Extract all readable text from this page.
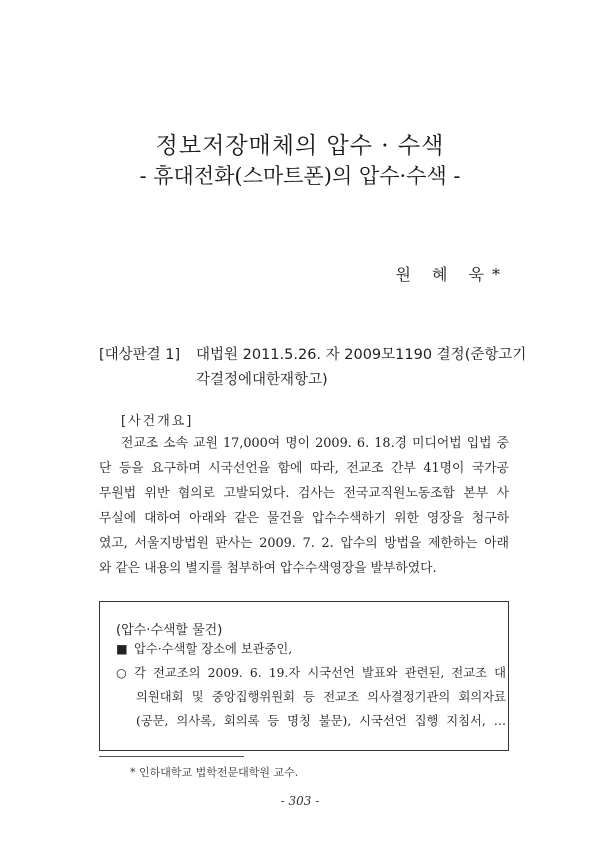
정보저장매체의 압수 · 수색
- 휴대전화(스마트폰)의 압수·수색 -
원 혜 욱*
[대상판결 1] 대법원 2011.5.26. 자 2009모1190 결정(준항고기각결정에대한재항고)
[사건개요]
전교조 소속 교원 17,000여 명이 2009. 6. 18.경 미디어법 입법 중
단 등을 요구하며 시국선언을 함에 따라, 전교조 간부 41명이 국가공
무원법 위반 혐의로 고발되었다. 검사는 전국교직원노동조합 본부 사
무실에 대하여 아래와 같은 물건을 압수수색하기 위한 영장을 청구하
였고, 서울지방법원 판사는 2009. 7. 2. 압수의 방법을 제한하는 아래
와 같은 내용의 별지를 첨부하여 압수수색영장을 발부하였다.
(압수·수색할 물건)
■ 압수·수색할 장소에 보관중인,
○ 각 전교조의 2009. 6. 19.자 시국선언 발표와 관련된, 전교조 대
의원대회 및 중앙집행위원회 등 전교조 의사결정기관의 회의자료
(공문, 의사록, 회의록 등 명칭 불문), 시국선언 집행 지침서, …
* 인하대학교 법학전문대학원 교수.
- 303 -
